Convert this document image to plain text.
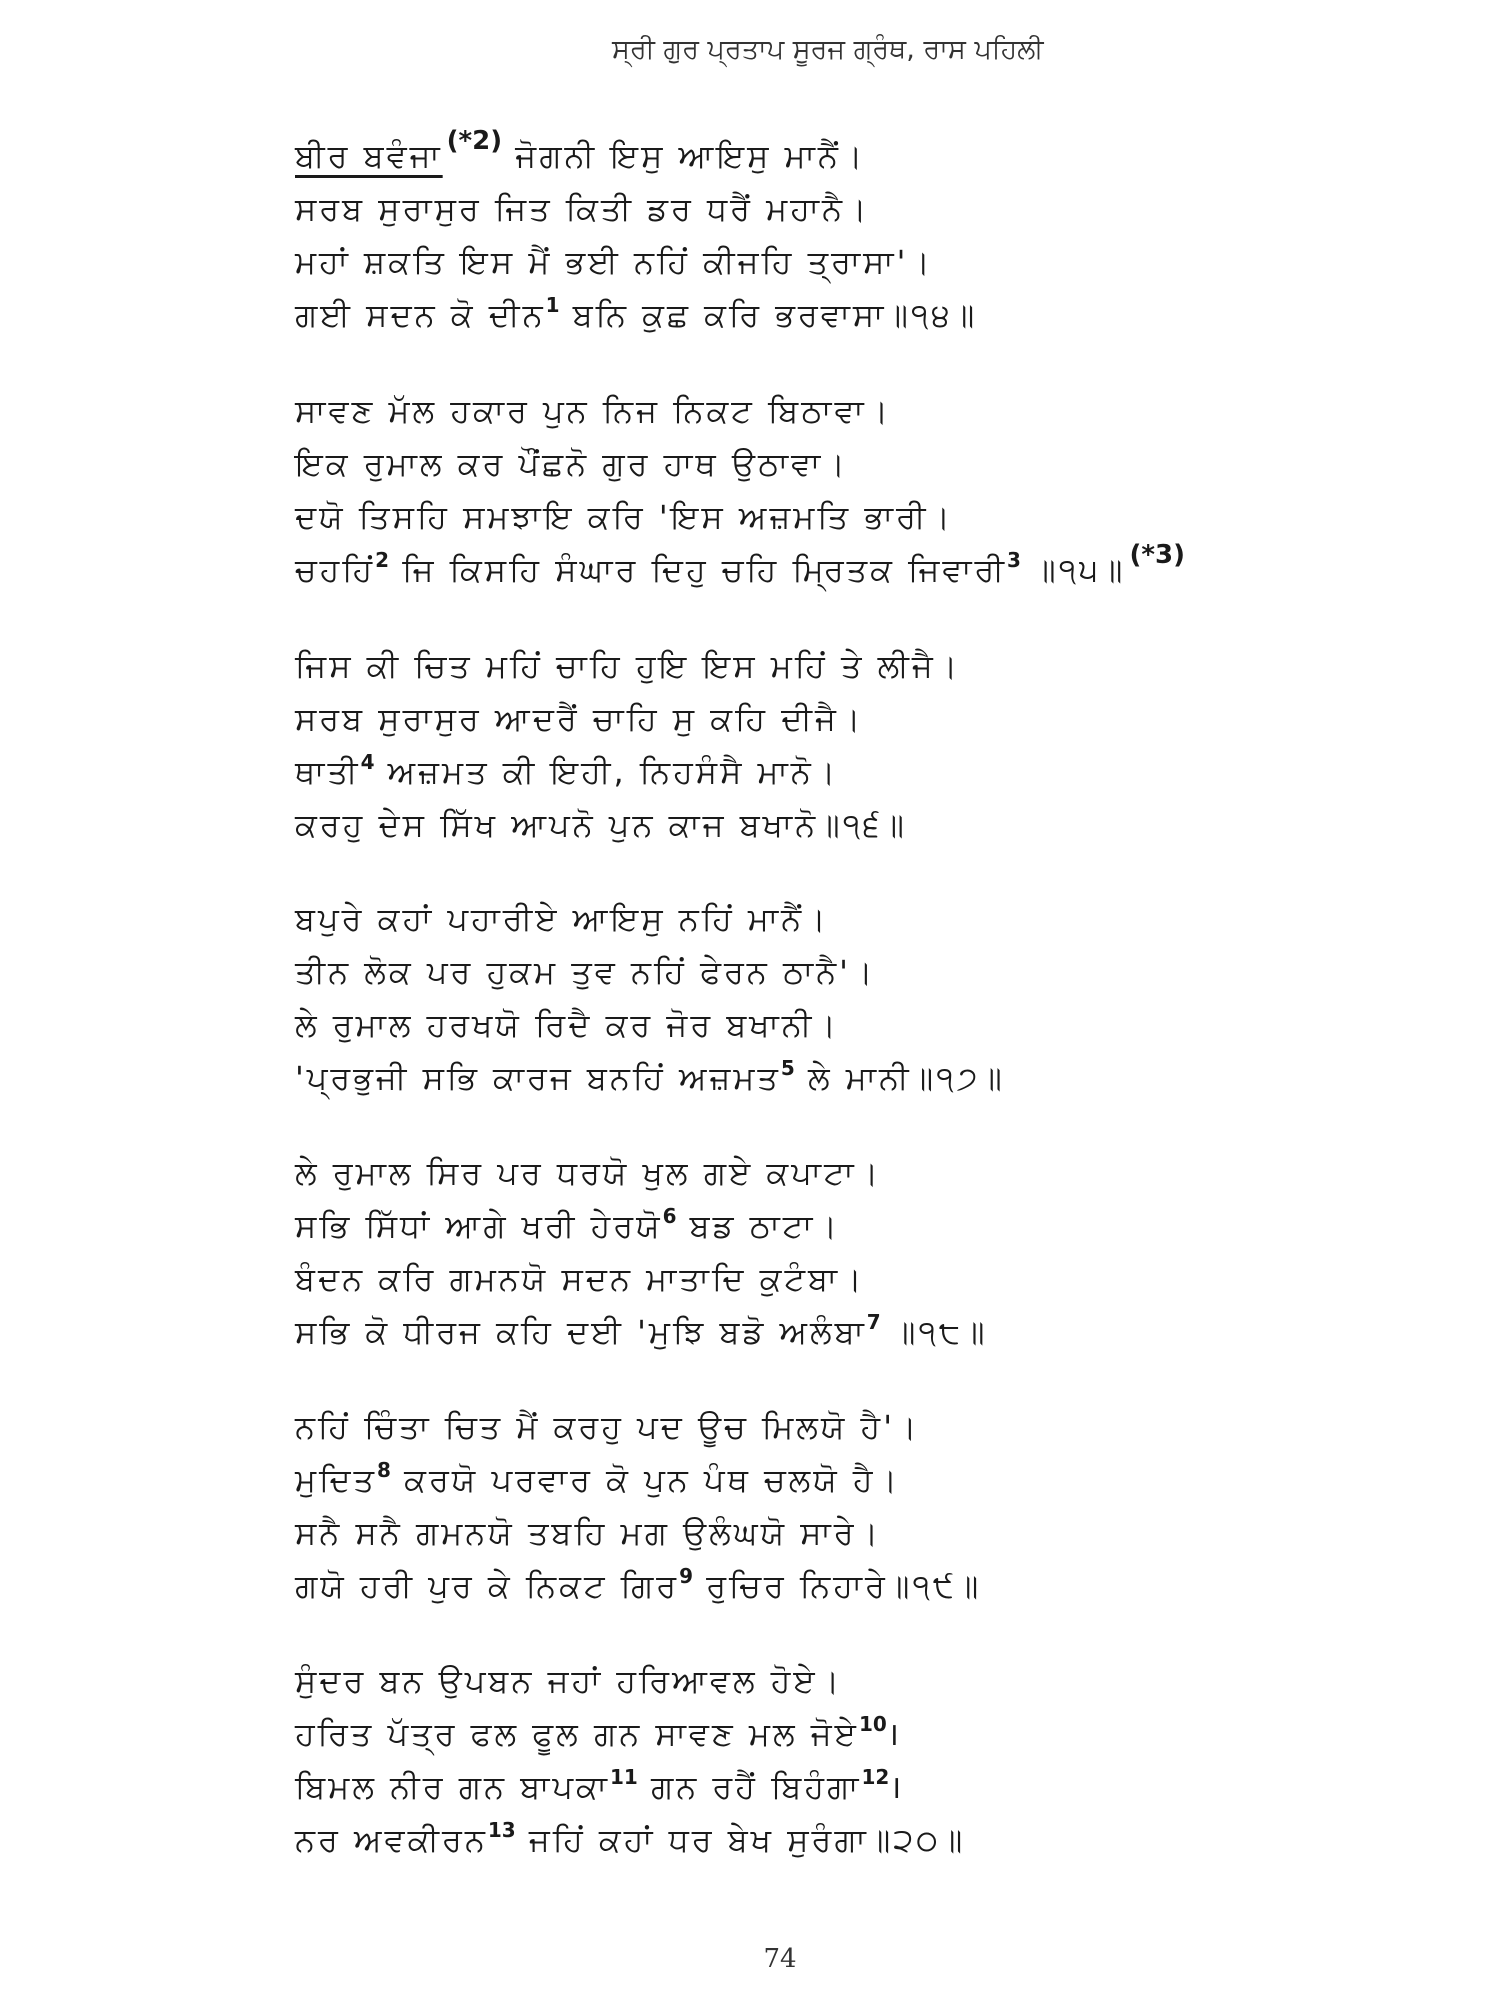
ਸ੍ਰੀ ਗੁਰ ਪ੍ਰਤਾਪ ਸੂਰਜ ਗ੍ਰੰਥ, ਰਾਸ ਪਹਿਲੀ
ਬੀਰ ਬਵੰਜਾ $^{(*2)}$ ਜੋਗਨੀ ਇਸੁ ਆਇਸੁ ਮਾਨੈਂ।
ਸਰਬ ਸੁਰਾਸੁਰ ਜਿਤ ਕਿਤੀ ਡਰ ਧਰੈਂ ਮਹਾਨੈ।
ਮਹਾਂ ਸ਼ਕਤਿ ਇਸ ਮੈਂ ਭਈ ਨਹਿਂ ਕੀਜਹਿ ਤ੍ਰਾਸਾ'।
ਗਈ ਸਦਨ ਕੋ ਦੀਨ$^1$ ਬਨਿ ਕੁਛ ਕਰਿ ਭਰਵਾਸਾ॥੧੪॥
ਸਾਵਣ ਮੱਲ ਹਕਾਰ ਪੁਨ ਨਿਜ ਨਿਕਟ ਬਿਠਾਵਾ।
ਇਕ ਰੁਮਾਲ ਕਰ ਪੌਂਛਨੋ ਗੁਰ ਹਾਥ ਉਠਾਵਾ।
ਦਯੋ ਤਿਸਹਿ ਸਮਝਾਇ ਕਰਿ 'ਇਸ ਅਜ਼ਮਤਿ ਭਾਰੀ।
ਚਹਹਿਂ$^2$ ਜਿ ਕਿਸਹਿ ਸੰਘਾਰ ਦਿਹੁ ਚਹਿ ਮ੍ਰਿਤਕ ਜਿਵਾਰੀ$^3$ ॥੧੫॥ $^{(*3)}$
ਜਿਸ ਕੀ ਚਿਤ ਮਹਿਂ ਚਾਹਿ ਹੁਇ ਇਸ ਮਹਿਂ ਤੇ ਲੀਜੈ।
ਸਰਬ ਸੁਰਾਸੁਰ ਆਦਰੈਂ ਚਾਹਿ ਸੁ ਕਹਿ ਦੀਜੈ।
ਥਾਤੀ$^4$ ਅਜ਼ਮਤ ਕੀ ਇਹੀ, ਨਿਹਸੰਸੈ ਮਾਨੋ।
ਕਰਹੁ ਦੇਸ ਸਿੱਖ ਆਪਨੋ ਪੁਨ ਕਾਜ ਬਖਾਨੋ॥੧੬॥
ਬਪੁਰੇ ਕਹਾਂ ਪਹਾਰੀਏ ਆਇਸੁ ਨਹਿਂ ਮਾਨੈਂ।
ਤੀਨ ਲੋਕ ਪਰ ਹੁਕਮ ਤੁਵ ਨਹਿਂ ਫੇਰਨ ਠਾਨੈ'।
ਲੇ ਰੁਮਾਲ ਹਰਖਯੋ ਰਿਦੈ ਕਰ ਜੋਰ ਬਖਾਨੀ।
'ਪ੍ਰਭੁਜੀ ਸਭਿ ਕਾਰਜ ਬਨਹਿਂ ਅਜ਼ਮਤ$^5$ ਲੇ ਮਾਨੀ॥੧੭॥
ਲੇ ਰੁਮਾਲ ਸਿਰ ਪਰ ਧਰਯੋ ਖੁਲ ਗਏ ਕਪਾਟਾ।
ਸਭਿ ਸਿੱਧਾਂ ਆਗੇ ਖਰੀ ਹੇਰਯੋ$^6$ ਬਡ ਠਾਟਾ।
ਬੰਦਨ ਕਰਿ ਗਮਨਯੋ ਸਦਨ ਮਾਤਾਦਿ ਕੁਟੰਬਾ।
ਸਭਿ ਕੋ ਧੀਰਜ ਕਹਿ ਦਈ 'ਮੁਝਿ ਬਡੋ ਅਲੰਬਾ$^7$ ॥੧੮॥
ਨਹਿਂ ਚਿੰਤਾ ਚਿਤ ਮੈਂ ਕਰਹੁ ਪਦ ਊਚ ਮਿਲਯੋ ਹੈ'।
ਮੁਦਿਤ$^8$ ਕਰਯੋ ਪਰਵਾਰ ਕੋ ਪੁਨ ਪੰਥ ਚਲਯੋ ਹੈ।
ਸਨੈ ਸਨੈ ਗਮਨਯੋ ਤਬਹਿ ਮਗ ਉਲੰਘਯੋ ਸਾਰੇ।
ਗਯੋ ਹਰੀ ਪੁਰ ਕੇ ਨਿਕਟ ਗਿਰ$^9$ ਰੁਚਿਰ ਨਿਹਾਰੇ॥੧੯॥
ਸੁੰਦਰ ਬਨ ਉਪਬਨ ਜਹਾਂ ਹਰਿਆਵਲ ਹੋਏ।
ਹਰਿਤ ਪੱਤ੍ਰ ਫਲ ਫੂਲ ਗਨ ਸਾਵਣ ਮਲ ਜੋਏ$^{10}$।
ਬਿਮਲ ਨੀਰ ਗਨ ਬਾਪਕਾ$^{11}$ ਗਨ ਰਹੈਂ ਬਿਹੰਗਾ$^{12}$।
ਨਰ ਅਵਕੀਰਨ$^{13}$ ਜਹਿਂ ਕਹਾਂ ਧਰ ਬੇਖ ਸੁਰੰਗਾ॥੨੦॥
74
